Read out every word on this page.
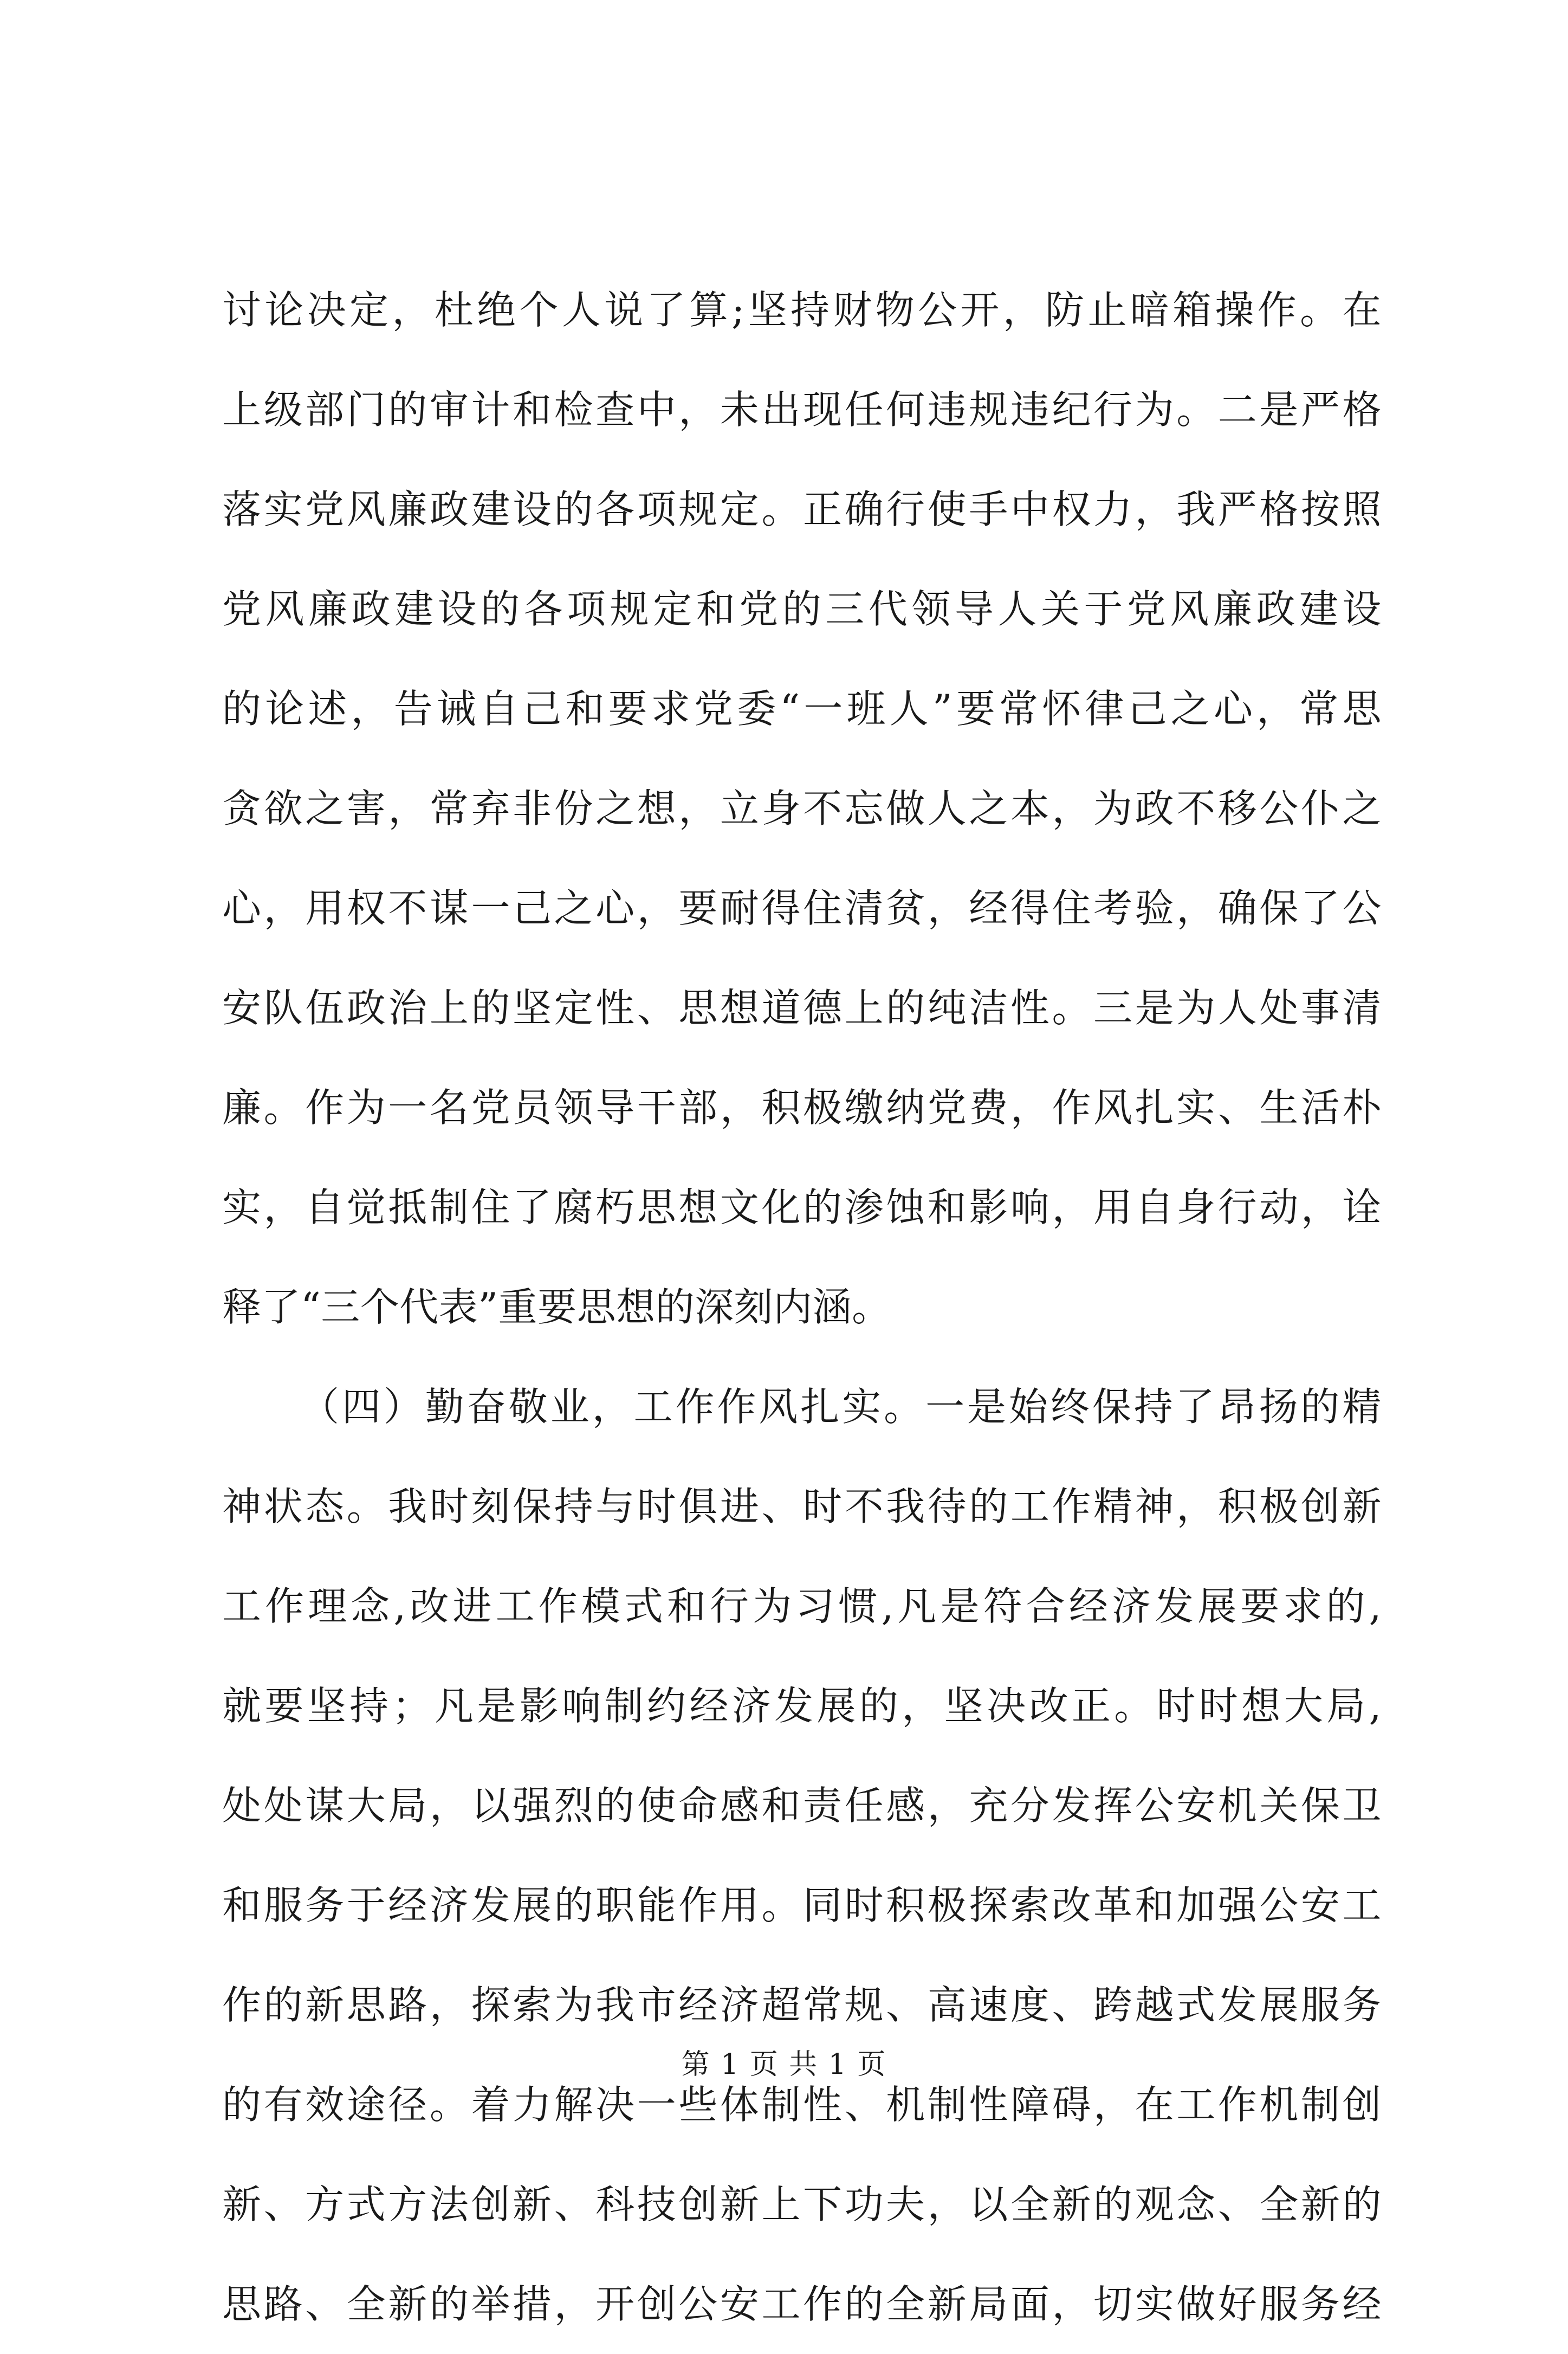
讨论决定，杜绝个人说了算;坚持财物公开，防止暗箱操作。在
上级部门的审计和检查中，未出现任何违规违纪行为。二是严格
落实党风廉政建设的各项规定。正确行使手中权力，我严格按照
党风廉政建设的各项规定和党的三代领导人关于党风廉政建设
的论述，告诫自己和要求党委“一班人”要常怀律己之心，常思
贪欲之害，常弃非份之想，立身不忘做人之本，为政不移公仆之
心，用权不谋一己之心，要耐得住清贫，经得住考验，确保了公
安队伍政治上的坚定性、思想道德上的纯洁性。三是为人处事清
廉。作为一名党员领导干部，积极缴纳党费，作风扎实、生活朴
实，自觉抵制住了腐朽思想文化的渗蚀和影响，用自身行动，诠
释了“三个代表”重要思想的深刻内涵。
（四）勤奋敬业，工作作风扎实。一是始终保持了昂扬的精
神状态。我时刻保持与时俱进、时不我待的工作精神，积极创新
工作理念,改进工作模式和行为习惯,凡是符合经济发展要求的,
就要坚持；凡是影响制约经济发展的，坚决改正。时时想大局,
处处谋大局，以强烈的使命感和责任感，充分发挥公安机关保卫
和服务于经济发展的职能作用。同时积极探索改革和加强公安工
作的新思路，探索为我市经济超常规、高速度、跨越式发展服务
的有效途径。着力解决一些体制性、机制性障碍，在工作机制创
新、方式方法创新、科技创新上下功夫，以全新的观念、全新的
思路、全新的举措，开创公安工作的全新局面，切实做好服务经
第 1 页 共 1 页
